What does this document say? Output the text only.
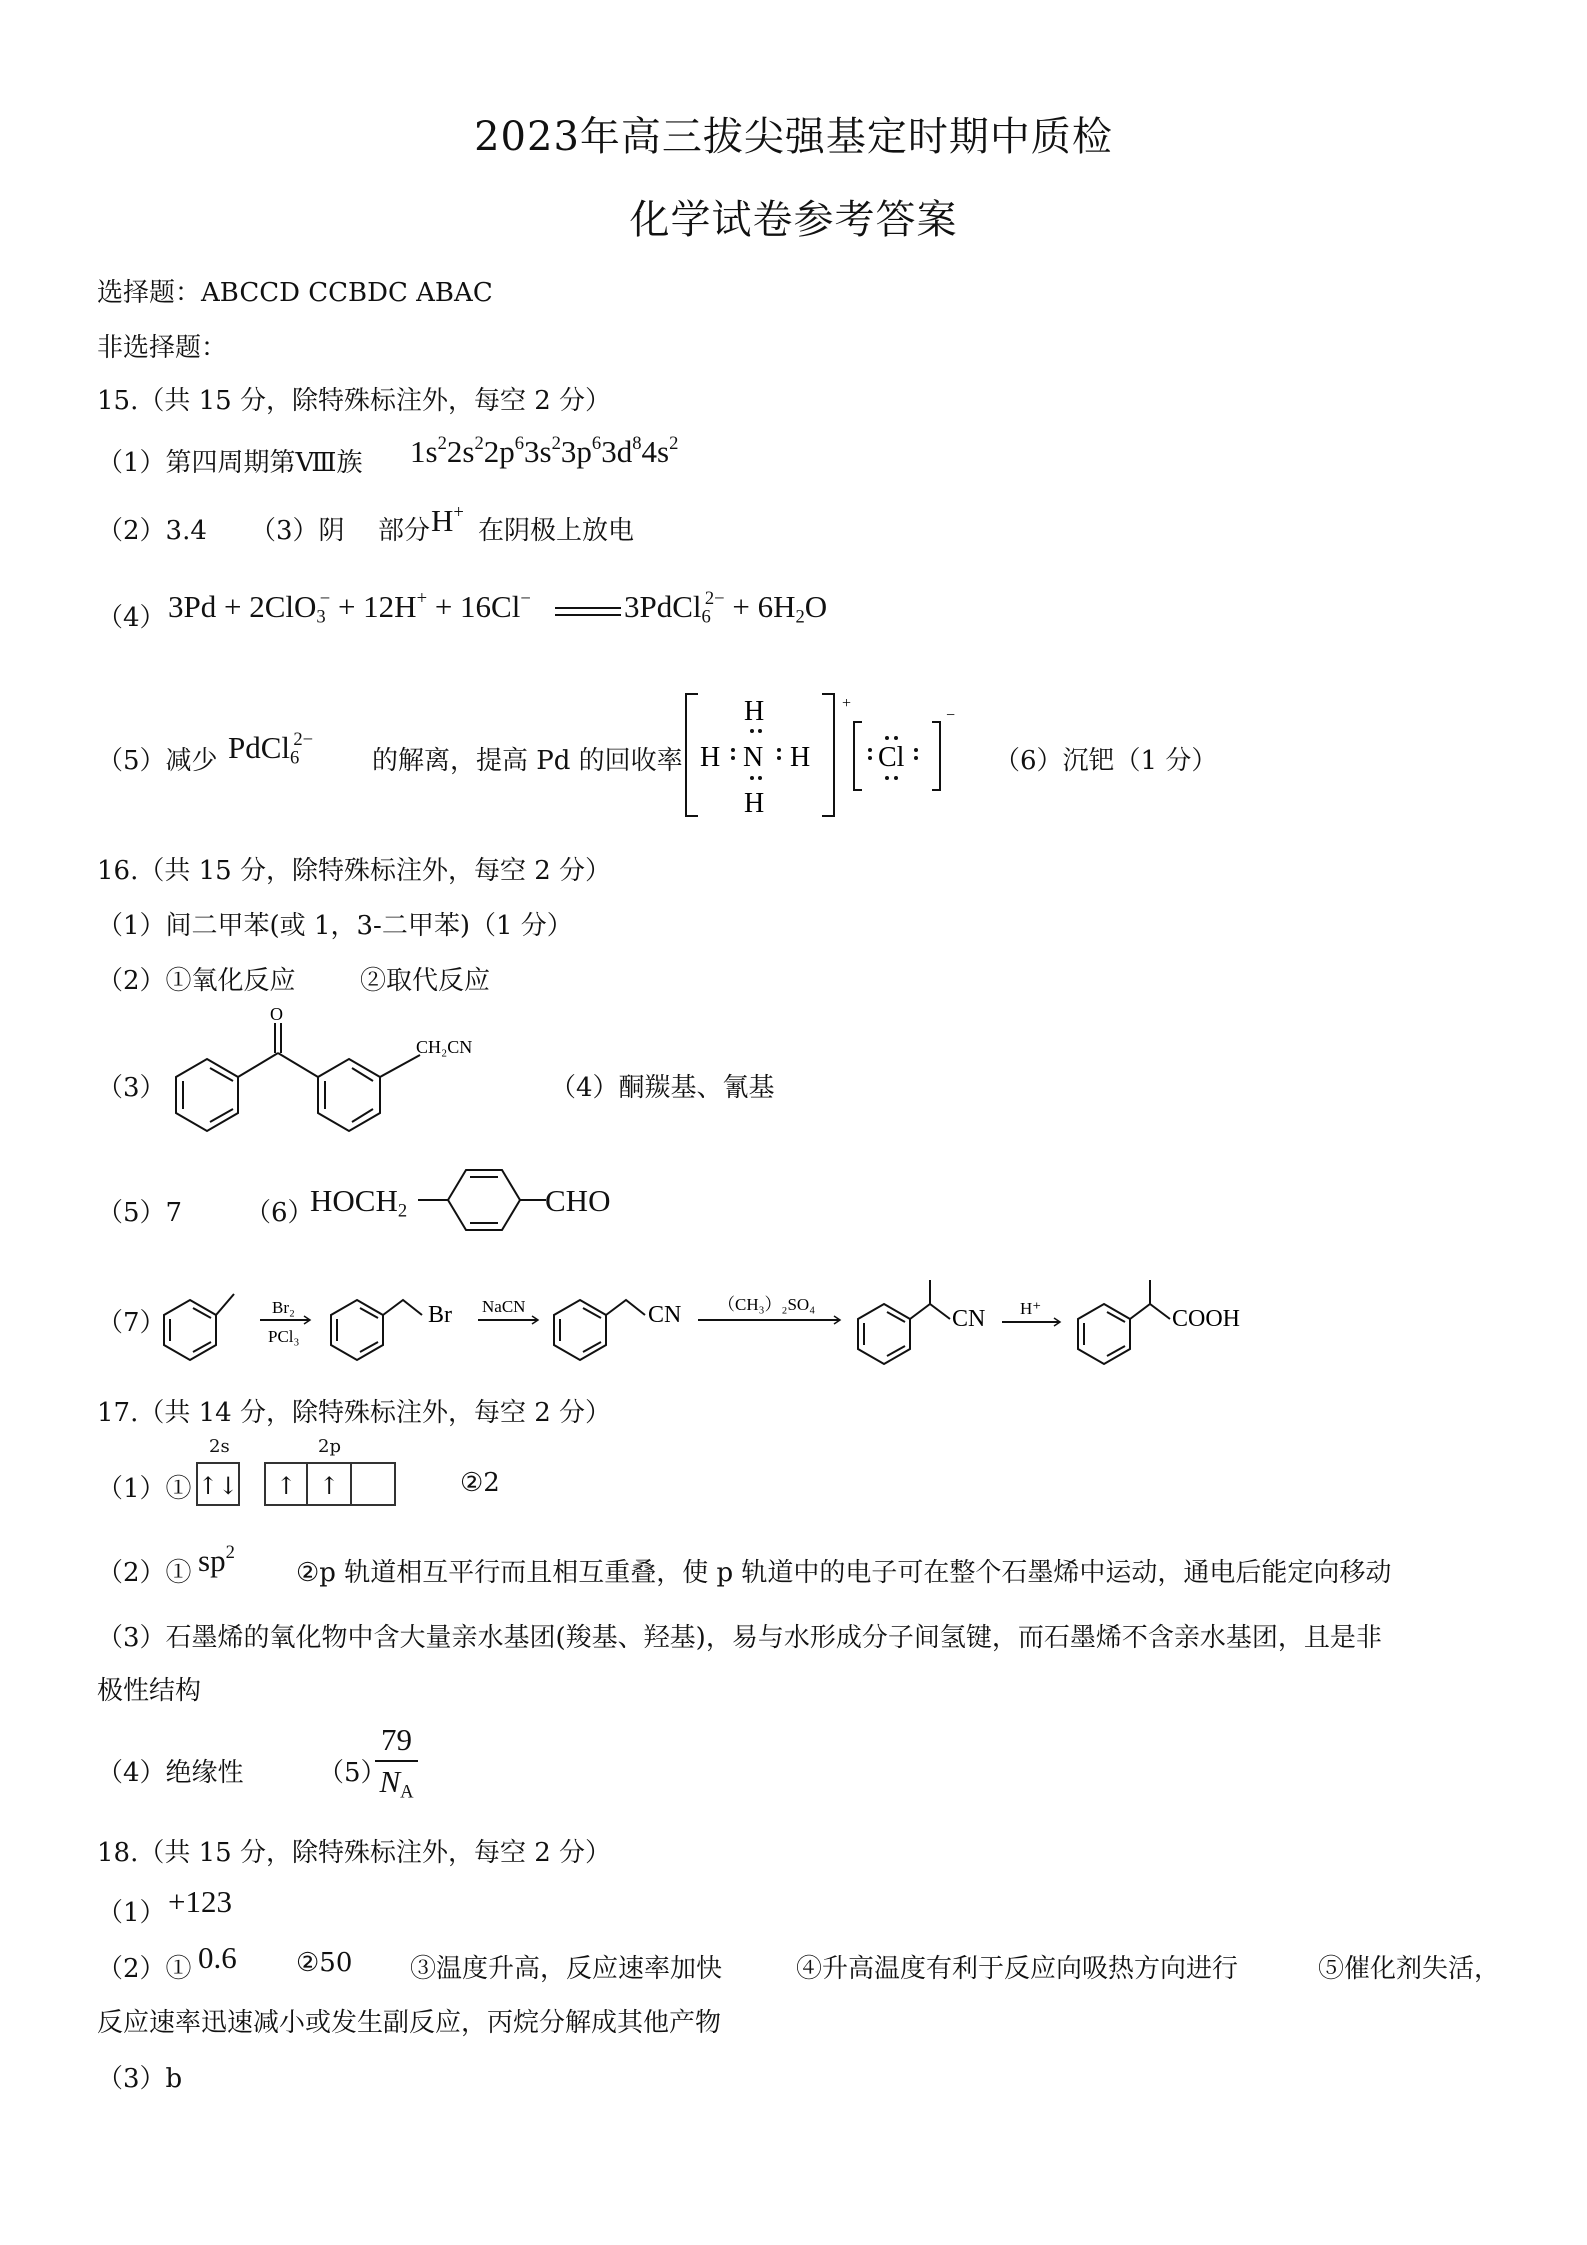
2023年高三拔尖强基定时期中质检
化学试卷参考答案
选择题：ABCCD CCBDC ABAC
非选择题：
15.（共 15 分，除特殊标注外，每空 2 分）
（1）第四周期第Ⅷ族 $1s^22s^22p^63s^23p^63d^84s^2$
（2）3.4 （3）阴 部分 H+
在阴极上放电
（4） 3Pd + 2ClO$_3$− + 12H+ + 16Cl−	3PdCl$_6^{2-}$ + $6H_2O$
（5）减少 PdCl$_6^{2-}$
的解离，提高 Pd 的回收率
+
H
H N H
H
−
Cl	（6）沉钯（1 分）
16.（共 15 分，除特殊标注外，每空 2 分）
（1）间二甲苯(或 1，3-二甲苯)（1 分）
（2）①氧化反应 ②取代反应
（3）
O
CH₂CN
（4）酮羰基、氰基
（5）7 （6）
$HOCH_2$	CHO
（7）
Br₂
PCl₃
Br NaCN	CN （CH₃）₂SO₄
CN H⁺	COOH
17.（共 14 分，除特殊标注外，每空 2 分）
（1）①
2s	2p
↑↓ ↑ ↑	②2
（2）① $sp^2$
②p 轨道相互平行而且相互重叠，使 p 轨道中的电子可在整个石墨烯中运动，通电后能定向移动
（3）石墨烯的氧化物中含大量亲水基团(羧基、羟基)，易与水形成分子间氢键，而石墨烯不含亲水基团，且是非
极性结构
（4）绝缘性	（5）
$\frac{79}{N_A}$
18.（共 15 分，除特殊标注外，每空 2 分）
（1） +123
（2）① 0.6 ②50 ③温度升高，反应速率加快	④升高温度有利于反应向吸热方向进行	⑤催化剂失活，
反应速率迅速减小或发生副反应，丙烷分解成其他产物
（3）b
